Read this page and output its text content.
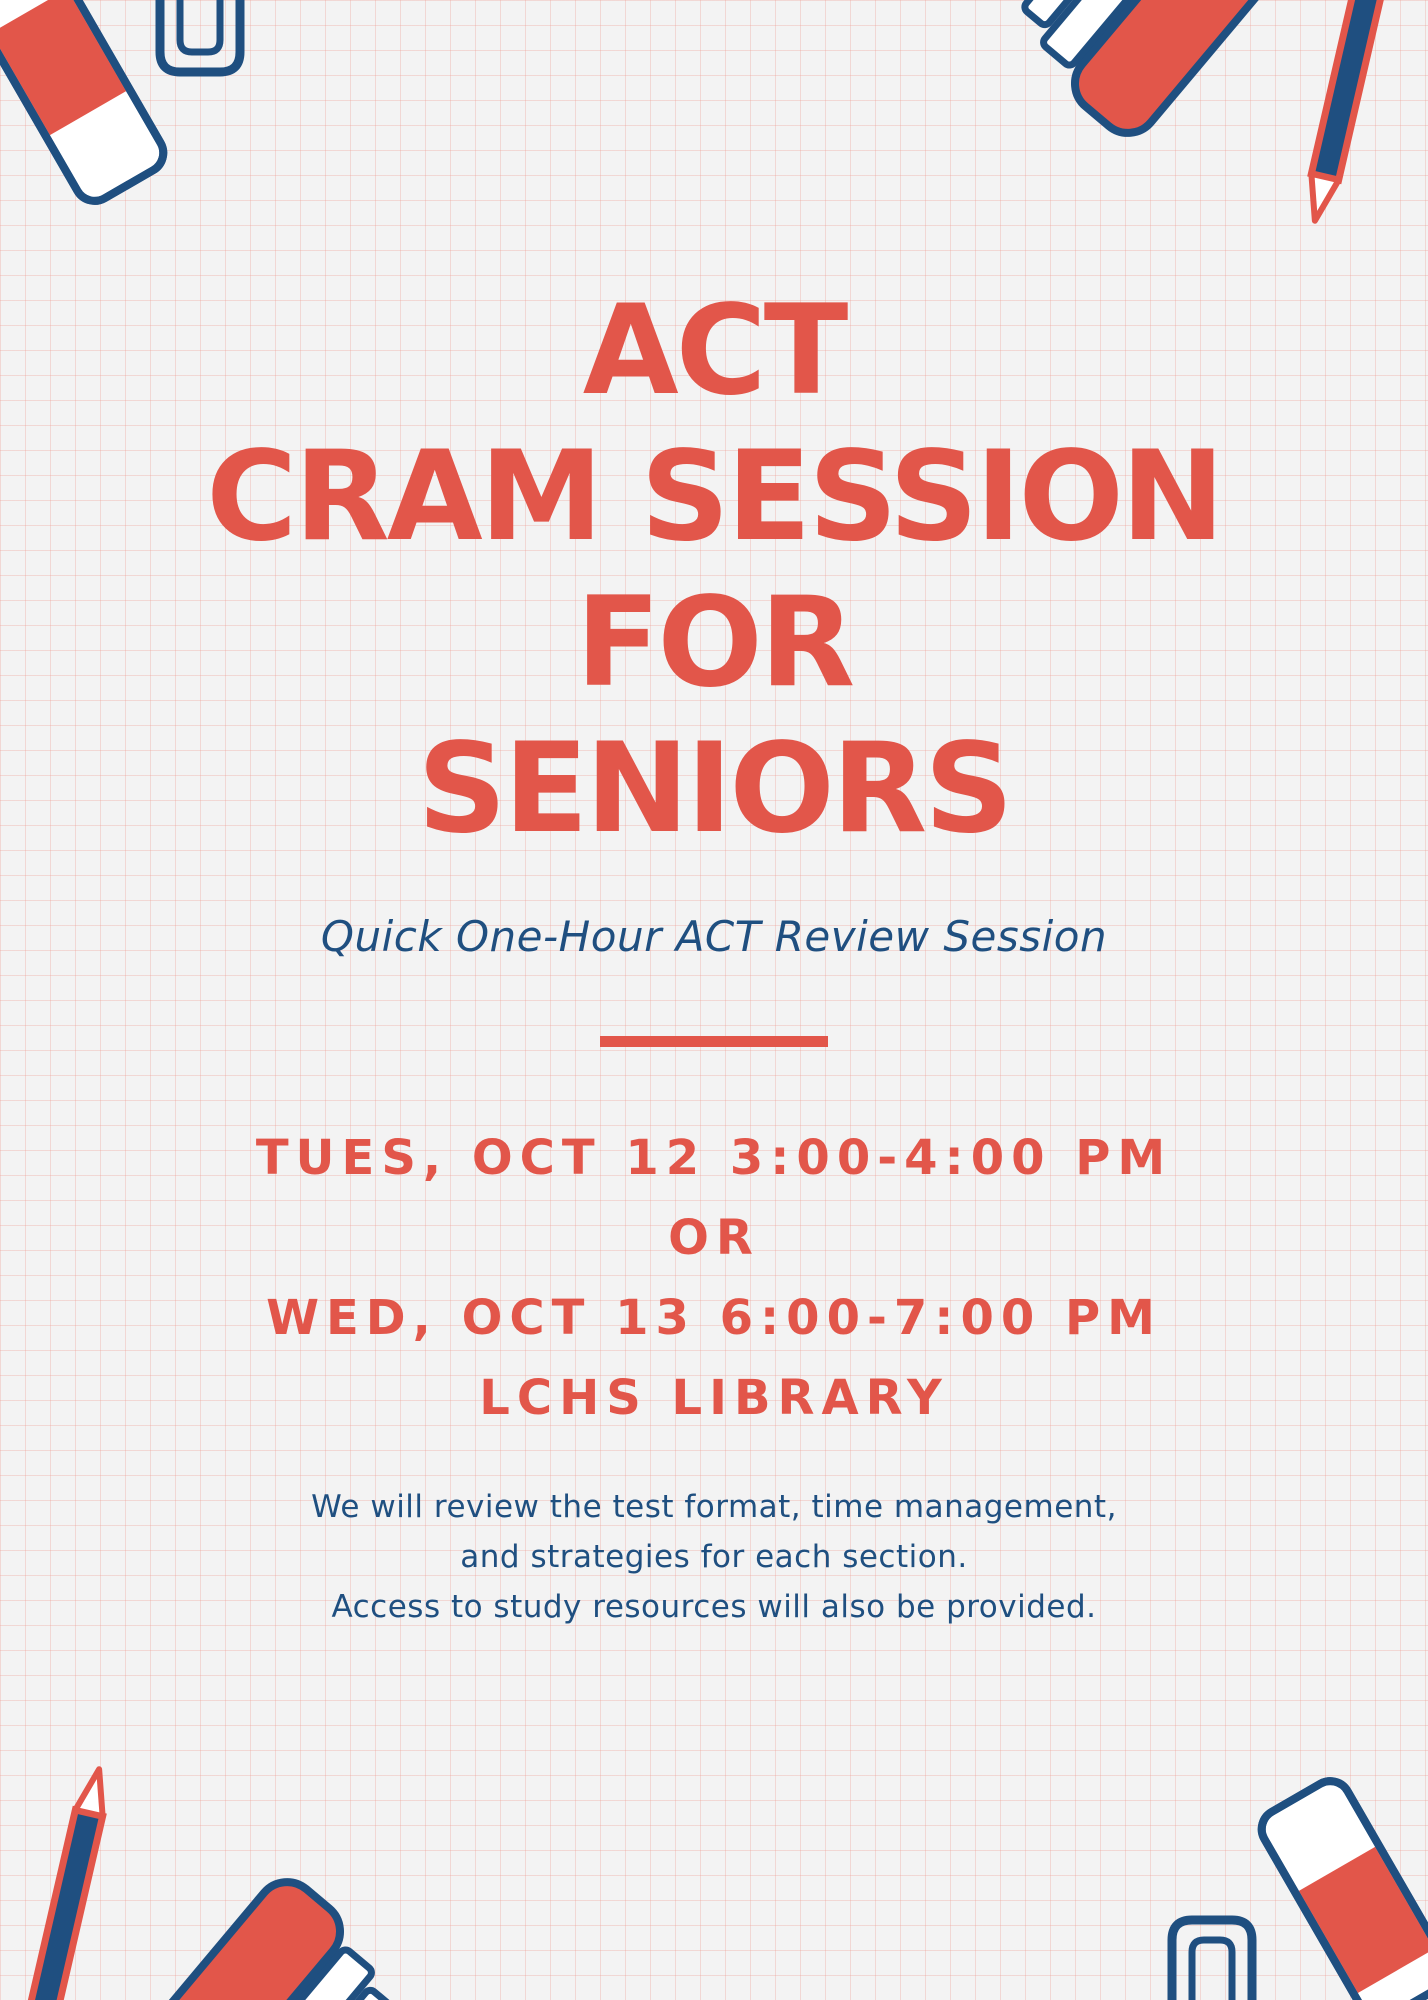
ACT
CRAM SESSION
FOR
SENIORS
Quick One-Hour ACT Review Session
TUES, OCT 12 3:00-4:00 PM
OR
WED, OCT 13 6:00-7:00 PM
LCHS LIBRARY
We will review the test format, time management,
and strategies for each section.
Access to study resources will also be provided.
